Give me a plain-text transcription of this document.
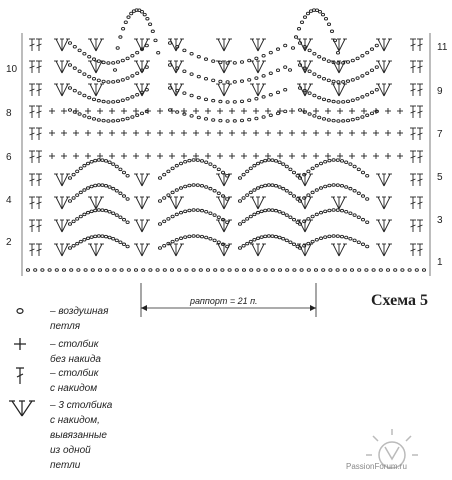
10
8
6
4
2
11
9
7
5
3
1
Схема 5
раппорт = 21 п.
– воздушная
петля
– столбик
без накида
– столбик
с накидом
– 3 столбика
с накидом,
вывязанные
из одной
петли	PassionForum.ru
